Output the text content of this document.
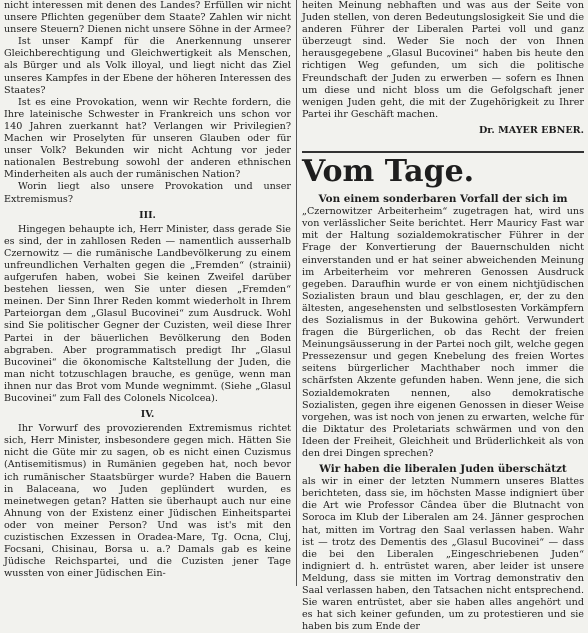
nicht interessen mit denen des Landes? Erfüllen wir nicht unsere Pflichten gegenüber dem Staate? Zahlen wir nicht unsere Steuern? Dienen nicht unsere Söhne in der Armee?

Ist unser Kampf für die Anerkennung unserer Gleichberechtigung und Gleichwertigkeit als Menschen, als Bürger und als Volk illoyal, und liegt nicht das Ziel unseres Kampfes in der Ebene der höheren Interessen des Staates?

Ist es eine Provokation, wenn wir Rechte fordern, die Ihre lateinische Schwester in Frankreich uns schon vor 140 Jahren zuerkannt hat? Verlangen wir Privilegien? Machen wir Proselyten für unseren Glauben oder für unser Volk? Bekunden wir nicht Achtung vor jeder nationalen Bestrebung sowohl der anderen ethnischen Minderheiten als auch der rumänischen Nation?

Worin liegt also unsere Provokation und unser Extremismus?

III.

Hingegen behaupte ich, Herr Minister, dass gerade Sie es sind, der in zahllosen Reden — namentlich ausserhalb Czernowitz — die rumänische Landbevölkerung zu einem unfreundlichen Verhalten gegen die „Fremden“ (strainii) aufgerufen haben, wobei Sie keinen Zweifel darüber bestehen liessen, wen Sie unter diesen „Fremden“ meinen. Der Sinn Ihrer Reden kommt wiederholt in Ihrem Parteiorgan dem „Glasul Bucovinei“ zum Ausdruck. Wohl sind Sie politischer Gegner der Cuzisten, weil diese Ihrer Partei in der bäuerlichen Bevölkerung den Boden abgraben. Aber programmatisch predigt Ihr „Glasul Bucovinei“ die ökonomische Kaltstellung der Juden, die man nicht totzuschlagen brauche, es genüge, wenn man ihnen nur das Brot vom Munde wegnimmt. (Siehe „Glasul Bucovinei“ zum Fall des Colonels Nicolcea).

IV.

Ihr Vorwurf des provozierenden Extremismus richtet sich, Herr Minister, insbesondere gegen mich. Hätten Sie nicht die Güte mir zu sagen, ob es nicht einen Cuzismus (Antisemitismus) in Rumänien gegeben hat, noch bevor ich rumänischer Staatsbürger wurde? Haben die Bauern in Balaceana, wo Juden geplündert wurden, es meinetwegen getan? Hatten sie überhaupt auch nur eine Ahnung von der Existenz einer Jüdischen Einheitspartei oder von meiner Person? Und was ist's mit den cuzistischen Exzessen in Oradea-Mare, Tg. Ocna, Cluj, Focsani, Chisinau, Borsa u. a.? Damals gab es keine Jüdische Reichspartei, und die Cuzisten jener Tage wussten von einer Jüdischen Ein-

heiten Meinung nebhaften und was aus der Seite von Juden stellen, von deren Bedeutungslosigkeit Sie und die anderen Führer der Liberalen Partei voll und ganz überzeugt sind. Weder Sie noch der von Ihnen herausgegebene „Glasul Bucovinei“ haben bis heute den richtigen Weg gefunden, um sich die politische Freundschaft der Juden zu erwerben — sofern es Ihnen um diese und nicht bloss um die Gefolgschaft jener wenigen Juden geht, die mit der Zugehörigkeit zu Ihrer Partei ihr Geschäft machen.

Dr. MAYER EBNER.

Vom Tage.

Von einem sonderbaren Vorfall der sich im

„Czernowitzer Arbeiterheim“ zugetragen hat, wird uns von verlässlicher Seite berichtet. Herr Mauricy Fast war mit der Haltung sozialdemokratischer Führer in der Frage der Konvertierung der Bauernschulden nicht einverstanden und er hat seiner abweichenden Meinung im Arbeiterheim vor mehreren Genossen Ausdruck gegeben. Daraufhin wurde er von einem nichtjüdischen Sozialisten braun und blau geschlagen, er, der zu den ältesten, angesehensten und selbstlosesten Vorkämpfern des Sozialismus in der Bukowina gehört. Verwundert fragen die Bürgerlichen, ob das Recht der freien Meinungsäusserung in der Partei noch gilt, welche gegen Pressezensur und gegen Knebelung des freien Wortes seitens bürgerlicher Machthaber noch immer die schärfsten Akzente gefunden haben. Wenn jene, die sich Sozialdemokraten nennen, also demokratische Sozialisten, gegen ihre eigenen Genossen in dieser Weise vorgehen, was ist noch von jenen zu erwarten, welche für die Diktatur des Proletariats schwärmen und von den Ideen der Freiheit, Gleichheit und Brüderlichkeit als von den drei Dingen sprechen?

Wir haben die liberalen Juden überschätzt

als wir in einer der letzten Nummern unseres Blattes berichteten, dass sie, im höchsten Masse indigniert über die Art wie Professor Cândea über die Blutnacht von Soroca im Klub der Liberalen am 24. Jänner gesprochen hat, mitten im Vortrag den Saal verlassen haben. Wahr ist — trotz des Dementis des „Glasul Bucovinei“ — dass die bei den Liberalen „Eingeschriebenen Juden“ indigniert d. h. entrüstet waren, aber leider ist unsere Meldung, dass sie mitten im Vortrag demonstrativ den Saal verlassen haben, den Tatsachen nicht entsprechend. Sie waren entrüstet, aber sie haben alles angehört und es hat sich keiner gefunden, um zu protestieren und sie haben bis zum Ende der
